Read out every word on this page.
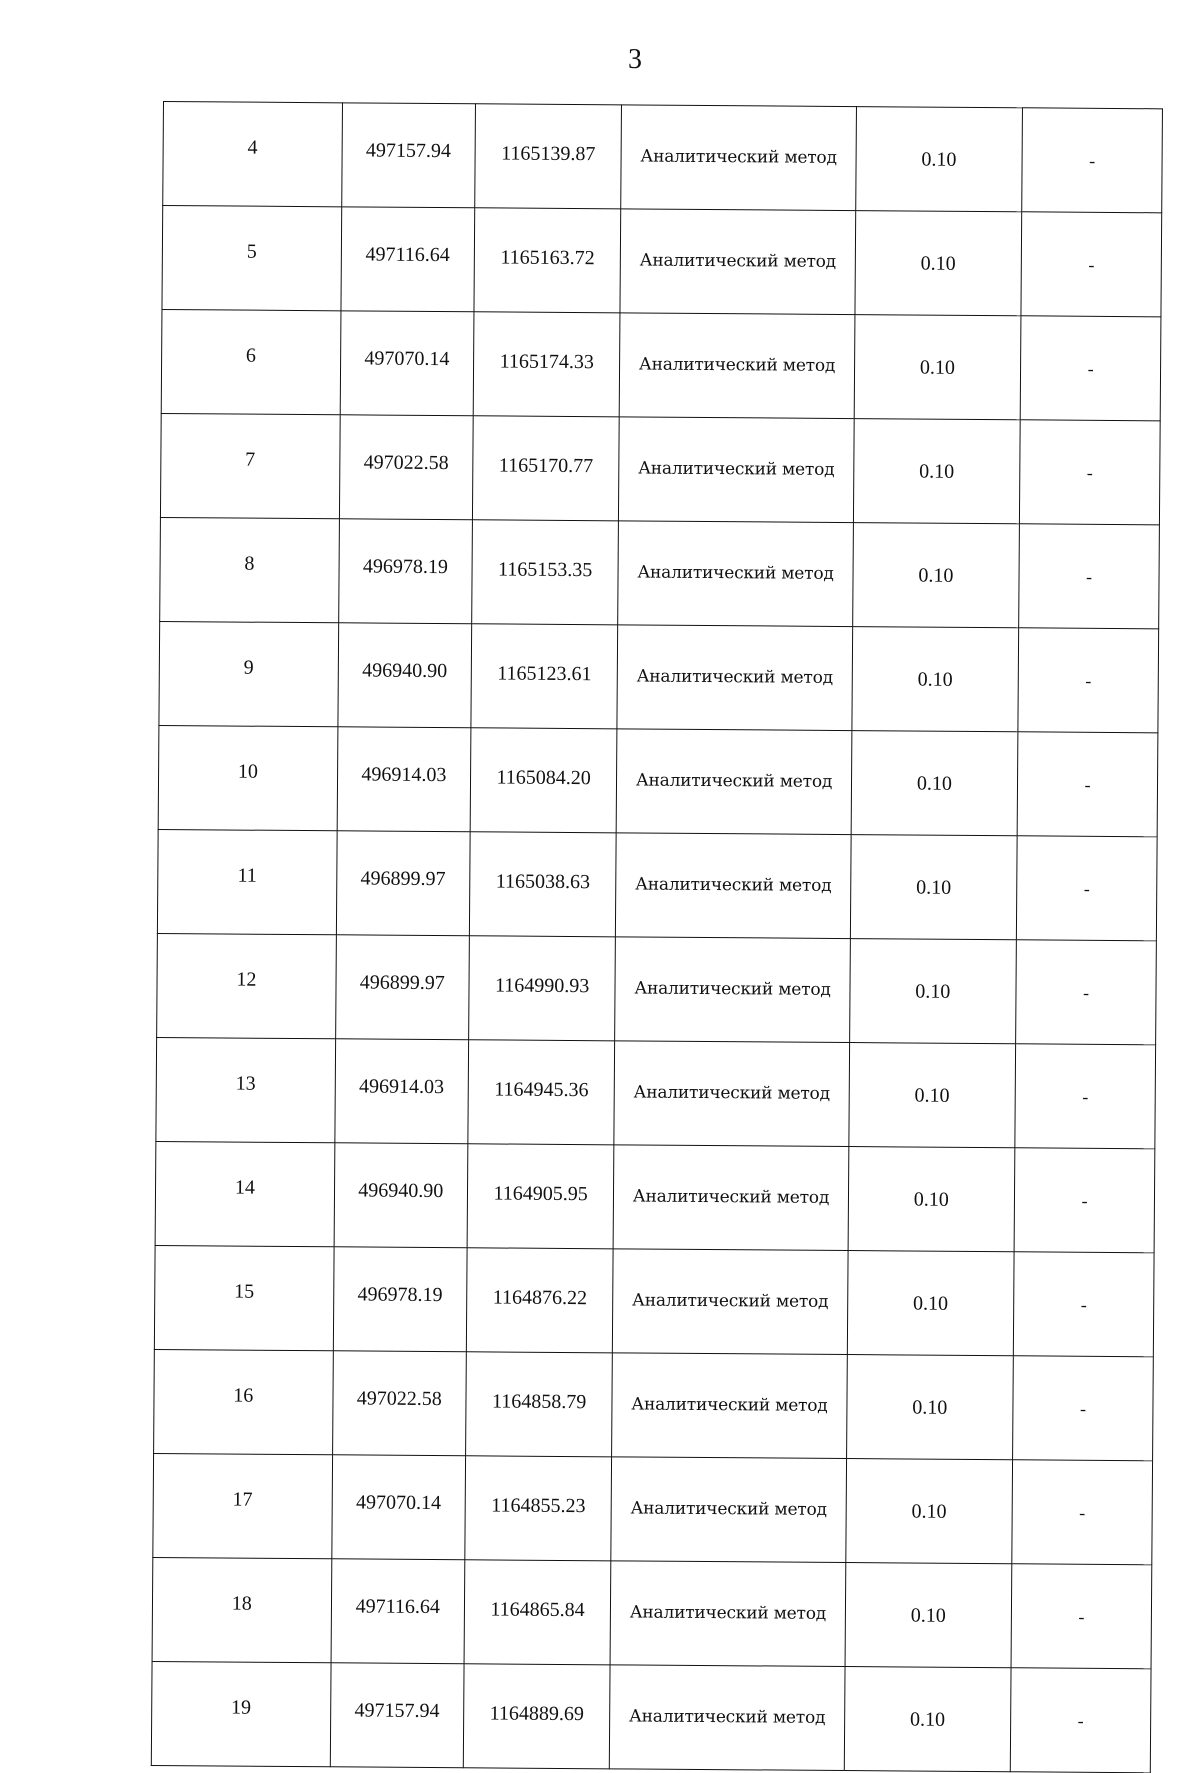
3
4	497157.94	1165139.87	Аналитический метод	0.10	-
5	497116.64	1165163.72	Аналитический метод	0.10	-
6	497070.14	1165174.33	Аналитический метод	0.10	-
7	497022.58	1165170.77	Аналитический метод	0.10	-
8	496978.19	1165153.35	Аналитический метод	0.10	-
9	496940.90	1165123.61	Аналитический метод	0.10	-
10	496914.03	1165084.20	Аналитический метод	0.10	-
11	496899.97	1165038.63	Аналитический метод	0.10	-
12	496899.97	1164990.93	Аналитический метод	0.10	-
13	496914.03	1164945.36	Аналитический метод	0.10	-
14	496940.90	1164905.95	Аналитический метод	0.10	-
15	496978.19	1164876.22	Аналитический метод	0.10	-
16	497022.58	1164858.79	Аналитический метод	0.10	-
17	497070.14	1164855.23	Аналитический метод	0.10	-
18	497116.64	1164865.84	Аналитический метод	0.10	-
19	497157.94	1164889.69	Аналитический метод	0.10	-
